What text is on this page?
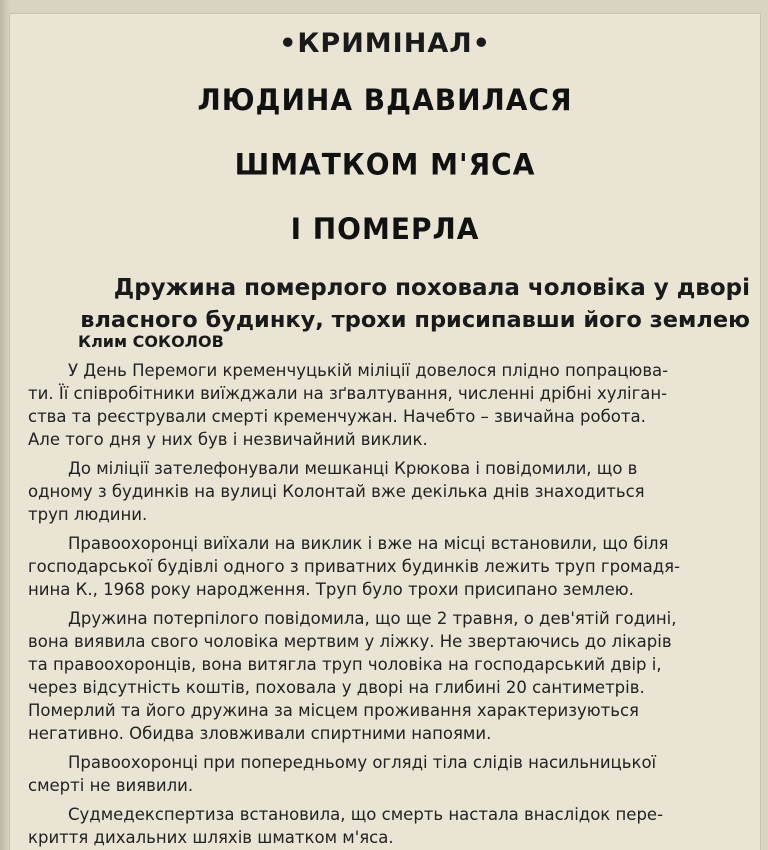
•КРИМІНАЛ•
ЛЮДИНА ВДАВИЛАСЯ
ШМАТКОМ М'ЯСА
І ПОМЕРЛА
Дружина померлого поховала чоловіка у дворі
власного будинку, трохи присипавши його землею
Клим СОКОЛОВ
У День Перемоги кременчуцькій міліції довелося плідно попрацюва-
ти. Її співробітники виїжджали на зґвалтування, численні дрібні хуліган-
ства та реєстрували смерті кременчужан. Начебто – звичайна робота.
Але того дня у них був і незвичайний виклик.
До міліції зателефонували мешканці Крюкова і повідомили, що в
одному з будинків на вулиці Колонтай вже декілька днів знаходиться
труп людини.
Правоохоронці виїхали на виклик і вже на місці встановили, що біля
господарської будівлі одного з приватних будинків лежить труп громадя-
нина К., 1968 року народження. Труп було трохи присипано землею.
Дружина потерпілого повідомила, що ще 2 травня, о дев'ятій годині,
вона виявила свого чоловіка мертвим у ліжку. Не звертаючись до лікарів
та правоохоронців, вона витягла труп чоловіка на господарський двір і,
через відсутність коштів, поховала у дворі на глибині 20 сантиметрів.
Померлий та його дружина за місцем проживання характеризуються
негативно. Обидва зловживали спиртними напоями.
Правоохоронці при попередньому огляді тіла слідів насильницької
смерті не виявили.
Судмедекспертиза встановила, що смерть настала внаслідок пере-
криття дихальних шляхів шматком м'яса.
